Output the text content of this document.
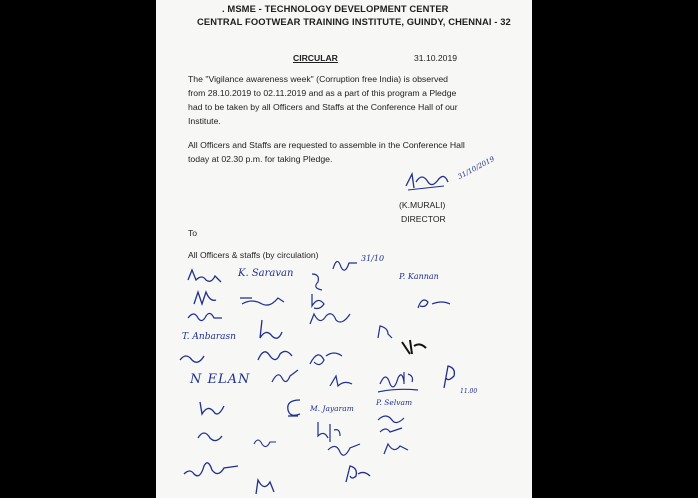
. MSME - TECHNOLOGY DEVELOPMENT CENTER
CENTRAL FOOTWEAR TRAINING INSTITUTE, GUINDY, CHENNAI - 32
CIRCULAR	31.10.2019
The "Vigilance awareness week" (Corruption free India) is observed
from 28.10.2019 to 02.11.2019 and as a part of this program a Pledge
had to be taken by all Officers and Staffs at the Conference Hall of our
Institute.
All Officers and Staffs are requested to assemble in the Conference Hall
today at 02.30 p.m. for taking Pledge.	31/10/2019
(K.MURALI)
DIRECTOR
To
All Officers & staffs (by circulation)
K. Saravan
31/10
P. Kannan
T. Anbarasn
11.00
N ELAN
M. Jayaram
P. Selvam
